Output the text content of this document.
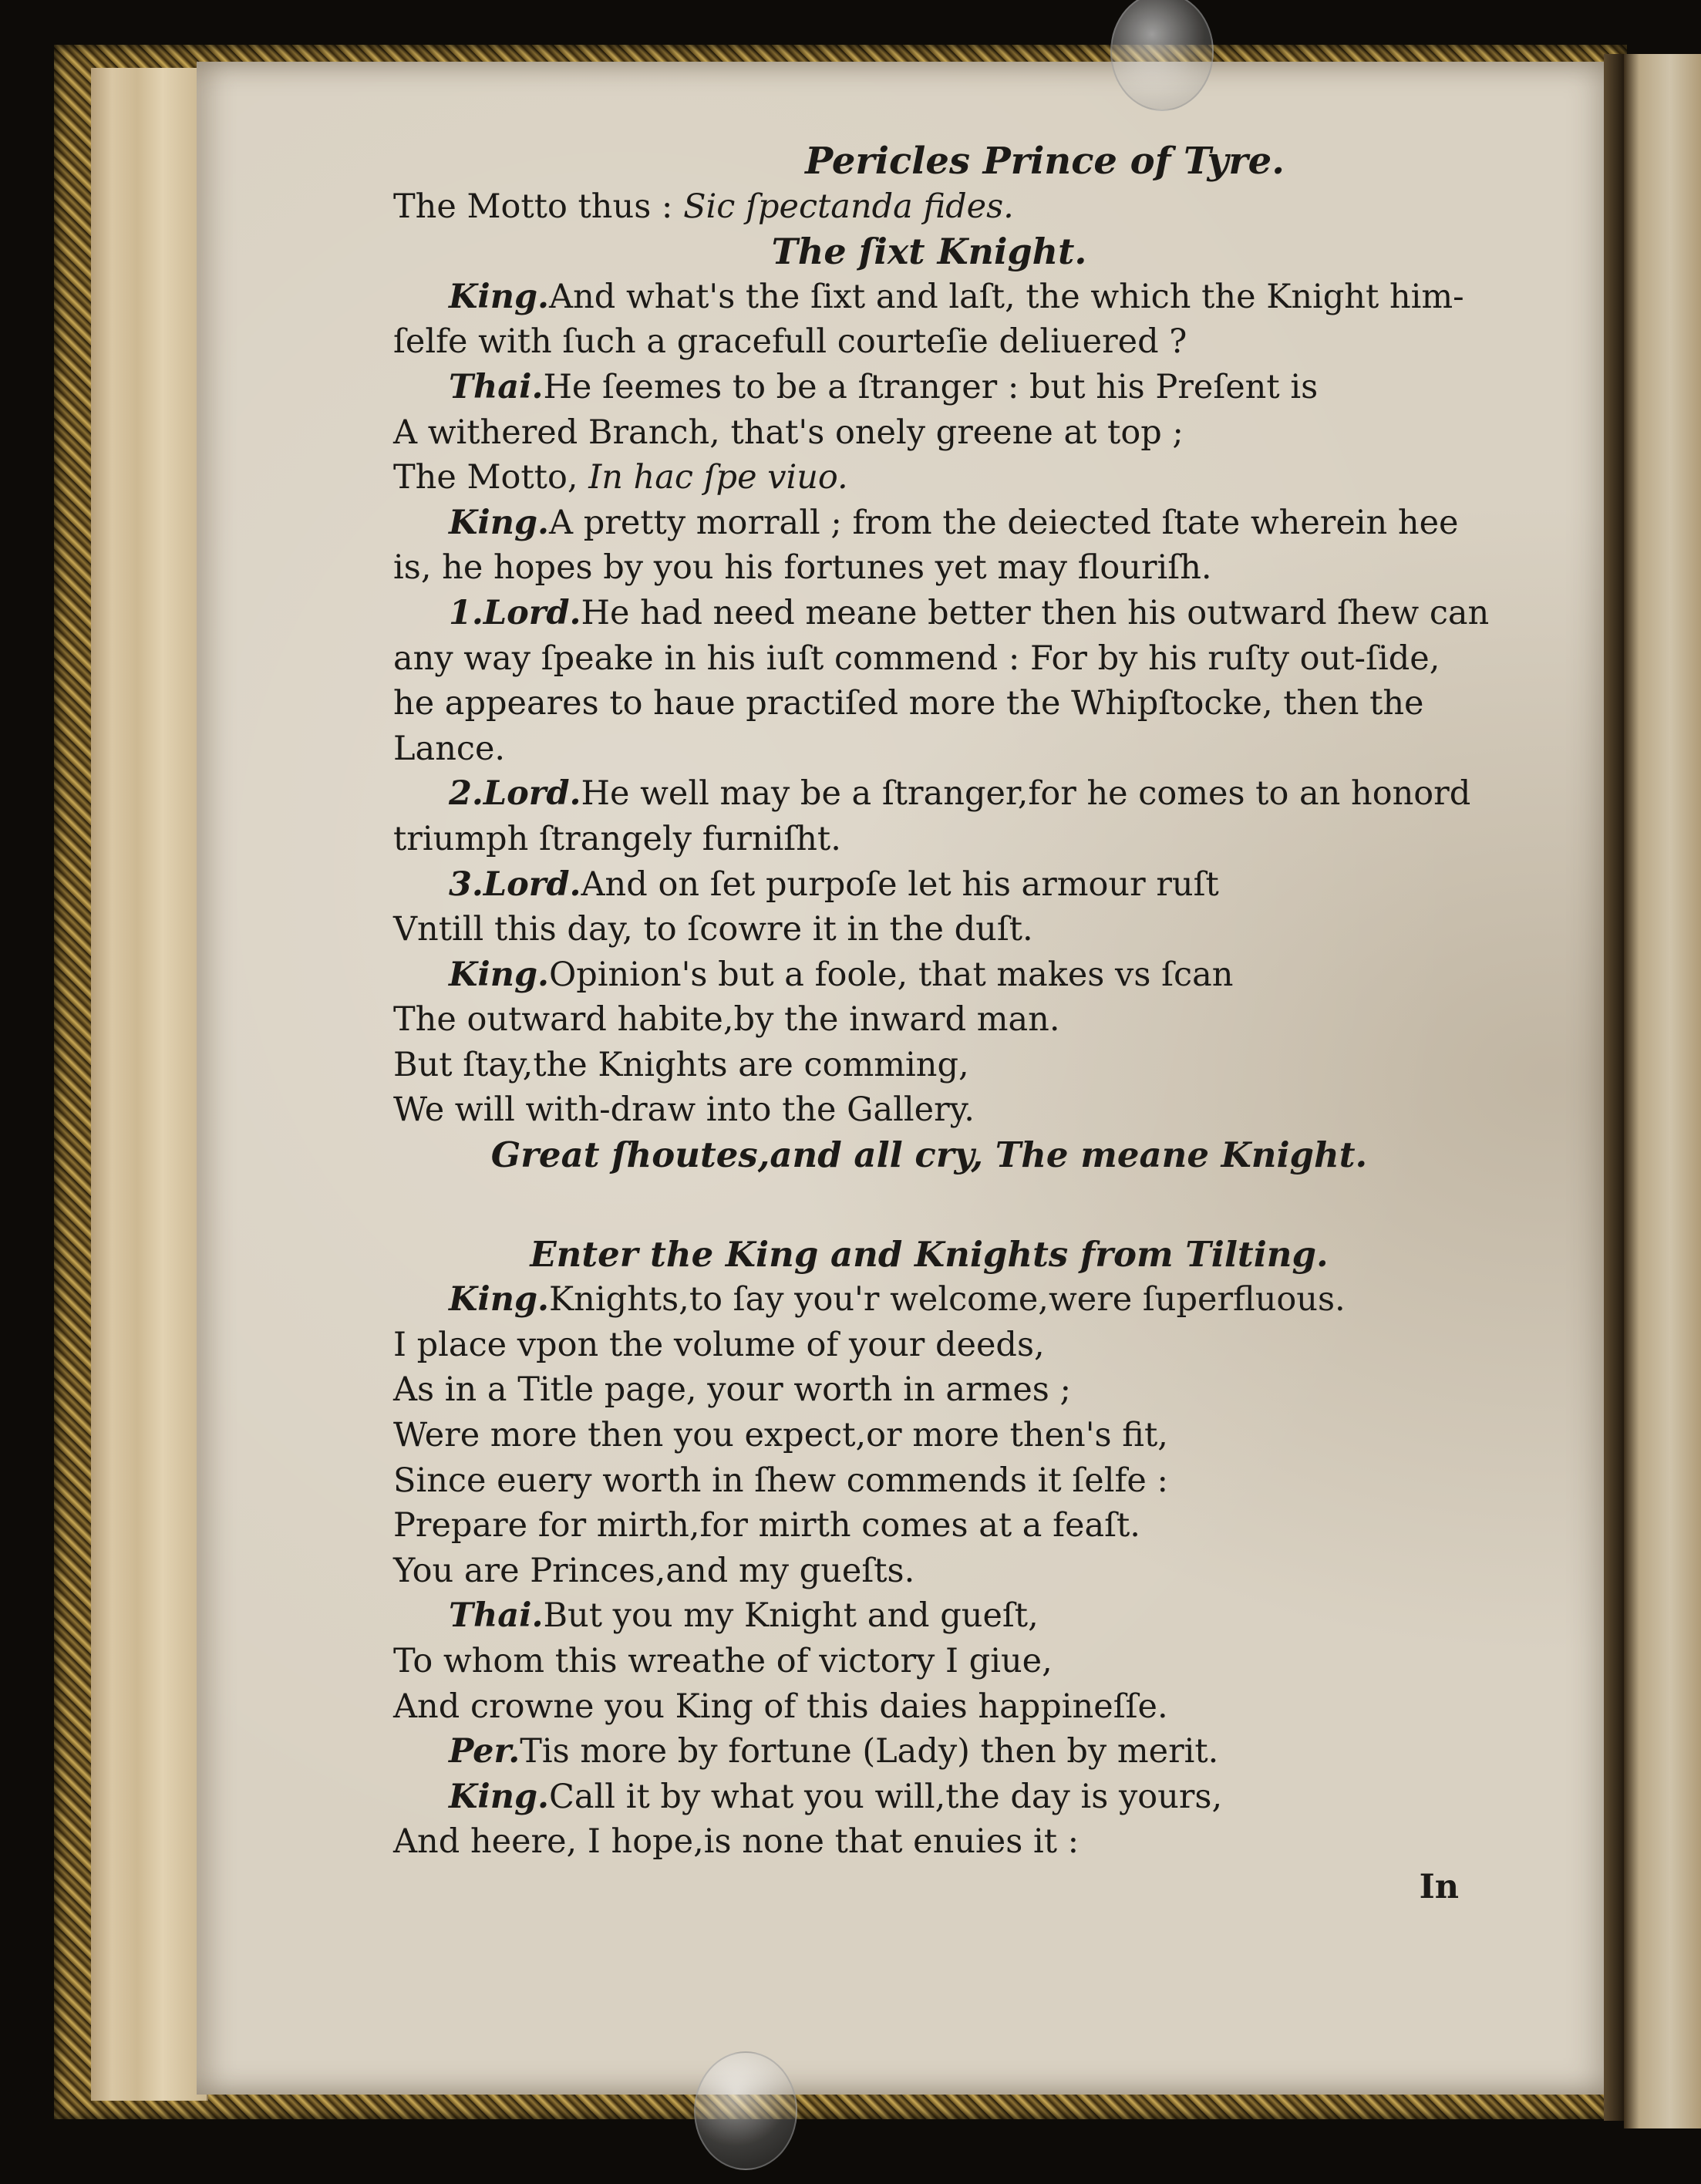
Pericles Prince of Tyre.
The Motto thus : Sic ſpectanda fides.
The ſixt Knight.
King.And what's the ſixt and laſt, the which the Knight him-
ſelfe with ſuch a gracefull courteſie deliuered ?
Thai.He ſeemes to be a ſtranger : but his Preſent is
A withered Branch, that's onely greene at top ;
The Motto, In hac ſpe viuo.
King.A pretty morrall ; from the deiected ſtate wherein hee
is, he hopes by you his fortunes yet may flouriſh.
1.Lord.He had need meane better then his outward ſhew can
any way ſpeake in his iuſt commend : For by his ruſty out-ſide,
he appeares to haue practiſed more the Whipſtocke, then the
Lance.
2.Lord.He well may be a ſtranger,for he comes to an honord
triumph ſtrangely furniſht.
3.Lord.And on ſet purpoſe let his armour ruſt
Vntill this day, to ſcowre it in the duſt.
King.Opinion's but a foole, that makes vs ſcan
The outward habite,by the inward man.
But ſtay,the Knights are comming,
We will with-draw into the Gallery.
Great ſhoutes,and all cry, The meane Knight.
Enter the King and Knights from Tilting.
King.Knights,to ſay you'r welcome,were ſuperfluous.
I place vpon the volume of your deeds,
As in a Title page, your worth in armes ;
Were more then you expect,or more then's fit,
Since euery worth in ſhew commends it ſelfe :
Prepare for mirth,for mirth comes at a feaſt.
You are Princes,and my gueſts.
Thai.But you my Knight and gueſt,
To whom this wreathe of victory I giue,
And crowne you King of this daies happineſſe.
Per.Tis more by fortune (Lady) then by merit.
King.Call it by what you will,the day is yours,
And heere, I hope,is none that enuies it :
In
